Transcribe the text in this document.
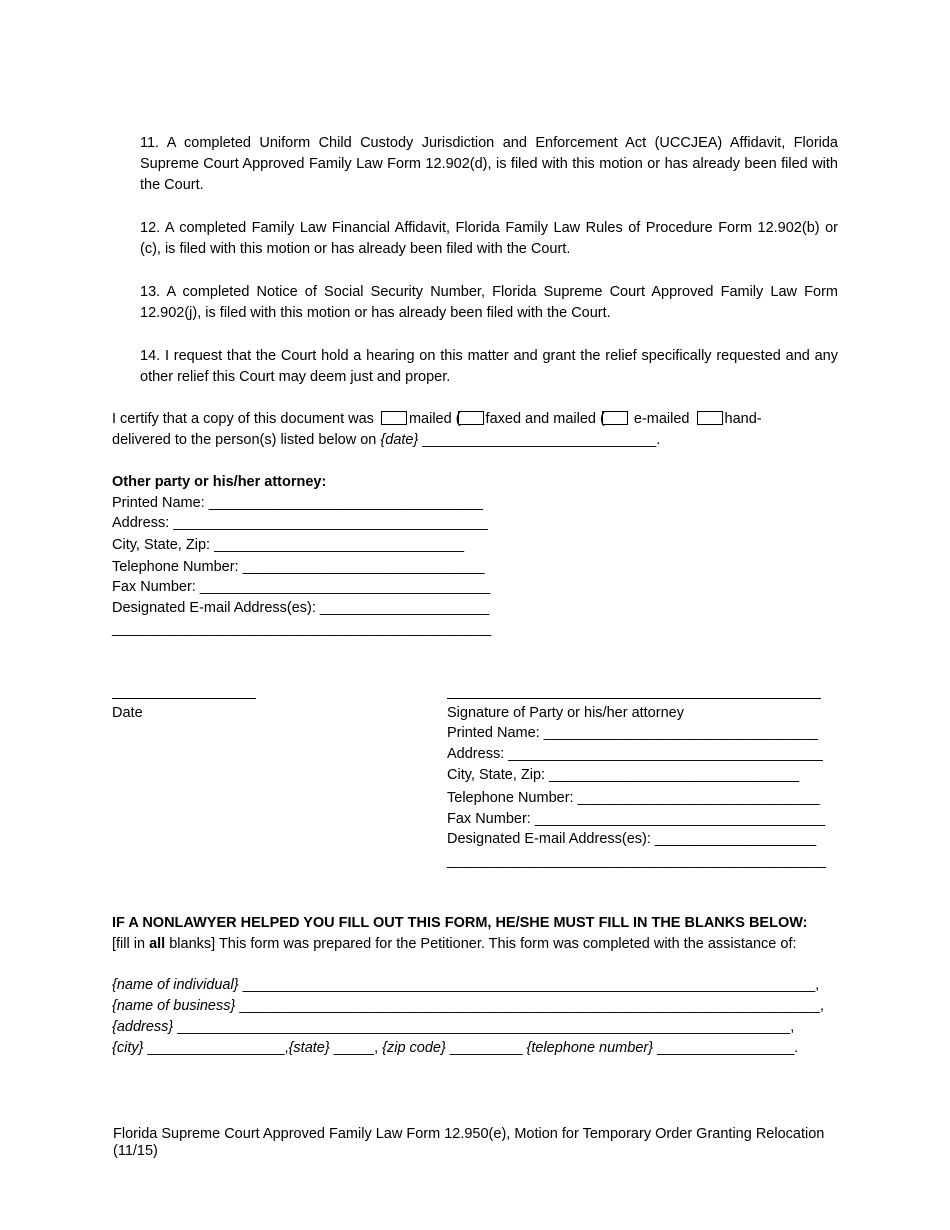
11. A completed Uniform Child Custody Jurisdiction and Enforcement Act (UCCJEA) Affidavit, Florida Supreme Court Approved Family Law Form 12.902(d), is filed with this motion or has already been filed with the Court.
12. A completed Family Law Financial Affidavit, Florida Family Law Rules of Procedure Form 12.902(b) or (c), is filed with this motion or has already been filed with the Court.
13. A completed Notice of Social Security Number, Florida Supreme Court Approved Family Law Form 12.902(j), is filed with this motion or has already been filed with the Court.
14. I request that the Court hold a hearing on this matter and grant the relief specifically requested and any other relief this Court may deem just and proper.
I certify that a copy of this document was mailed ( faxed and mailed ( e-mailed hand-
delivered to the person(s) listed below on {date} _____________________________.
Other party or his/her attorney:
Printed Name: __________________________________
Address: _______________________________________
City, State, Zip: _______________________________
Telephone Number: ______________________________
Fax Number: ____________________________________
Designated E-mail Address(es): _____________________
_______________________________________________
Date	Signature of Party or his/her attorney
Printed Name: __________________________________
Address: _______________________________________
City, State, Zip: _______________________________
Telephone Number: ______________________________
Fax Number: ____________________________________
Designated E-mail Address(es): ____________________
_______________________________________________
IF A NONLAWYER HELPED YOU FILL OUT THIS FORM, HE/SHE MUST FILL IN THE BLANKS BELOW:
[fill in all blanks] This form was prepared for the Petitioner. This form was completed with the assistance of:
{name of individual} _______________________________________________________________________,
{name of business} ________________________________________________________________________,
{address} ____________________________________________________________________________,
{city} _________________,{state} _____, {zip code} _________ {telephone number} _________________.
Florida Supreme Court Approved Family Law Form 12.950(e), Motion for Temporary Order Granting Relocation (11/15)
